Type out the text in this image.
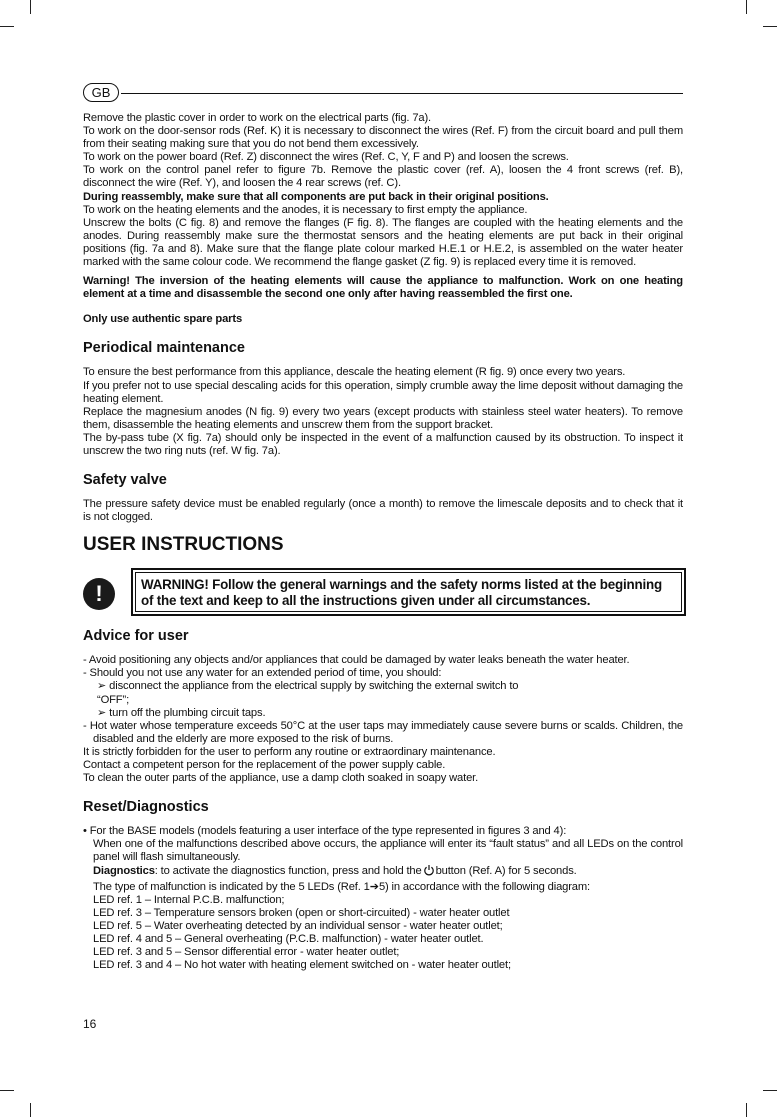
GB

Remove the plastic cover in order to work on the electrical parts (fig. 7a).

To work on the door-sensor rods (Ref. K) it is necessary to disconnect the wires (Ref. F) from the circuit board and pull them from their seating making sure that you do not bend them excessively.

To work on the power board (Ref. Z) disconnect the wires (Ref. C, Y, F and P) and loosen the screws.

To work on the control panel refer to figure 7b. Remove the plastic cover (ref. A), loosen the 4 front screws (ref. B), disconnect the wire (Ref. Y), and loosen the 4 rear screws (ref. C).

During reassembly, make sure that all components are put back in their original positions.

To work on the heating elements and the anodes, it is necessary to first empty the appliance.

Unscrew the bolts (C fig. 8) and remove the flanges (F fig. 8). The flanges are coupled with the heating elements and the anodes. During reassembly make sure the thermostat sensors and the heating elements are put back in their original positions (fig. 7a and 8). Make sure that the flange plate colour marked H.E.1 or H.E.2, is assembled on the water heater marked with the same colour code. We recommend the flange gasket (Z fig. 9) is replaced every time it is removed.

Warning! The inversion of the heating elements will cause the appliance to malfunction. Work on one heating element at a time and disassemble the second one only after having reassembled the first one.

Only use authentic spare parts

Periodical maintenance

To ensure the best performance from this appliance, descale the heating element (R fig. 9) once every two years.

If you prefer not to use special descaling acids for this operation, simply crumble away the lime deposit without damaging the heating element.

Replace the magnesium anodes (N fig. 9) every two years (except products with stainless steel water heaters). To remove them, disassemble the heating elements and unscrew them from the support bracket.

The by-pass tube (X fig. 7a) should only be inspected in the event of a malfunction caused by its obstruction. To inspect it unscrew the two ring nuts (ref. W fig. 7a).

Safety valve

The pressure safety device must be enabled regularly (once a month) to remove the limescale deposits and to check that it is not clogged.

USER INSTRUCTIONS
!	WARNING! Follow the general warnings and the safety norms listed at the beginning of the text and keep to all the instructions given under all circumstances.
Advice for user

- Avoid positioning any objects and/or appliances that could be damaged by water leaks beneath the water heater.

- Should you not use any water for an extended period of time, you should:

➢ disconnect the appliance from the electrical supply by switching the external switch to “OFF”;

➢ turn off the plumbing circuit taps.

- Hot water whose temperature exceeds 50°C at the user taps may immediately cause severe burns or scalds. Children, the disabled and the elderly are more exposed to the risk of burns.

It is strictly forbidden for the user to perform any routine or extraordinary maintenance.

Contact a competent person for the replacement of the power supply cable.

To clean the outer parts of the appliance, use a damp cloth soaked in soapy water.

Reset/Diagnostics

• For the BASE models (models featuring a user interface of the type represented in figures 3 and 4):

When one of the malfunctions described above occurs, the appliance will enter its “fault status” and all LEDs on the control panel will flash simultaneously.

Diagnostics: to activate the diagnostics function, press and hold the button (Ref. A) for 5 seconds.

The type of malfunction is indicated by the 5 LEDs (Ref. 1➔5) in accordance with the following diagram:

LED ref. 1 – Internal P.C.B. malfunction;

LED ref. 3 – Temperature sensors broken (open or short-circuited) - water heater outlet

LED ref. 5 – Water overheating detected by an individual sensor - water heater outlet;

LED ref. 4 and 5 – General overheating (P.C.B. malfunction) - water heater outlet.

LED ref. 3 and 5 – Sensor differential error - water heater outlet;

LED ref. 3 and 4 – No hot water with heating element switched on - water heater outlet;

16
